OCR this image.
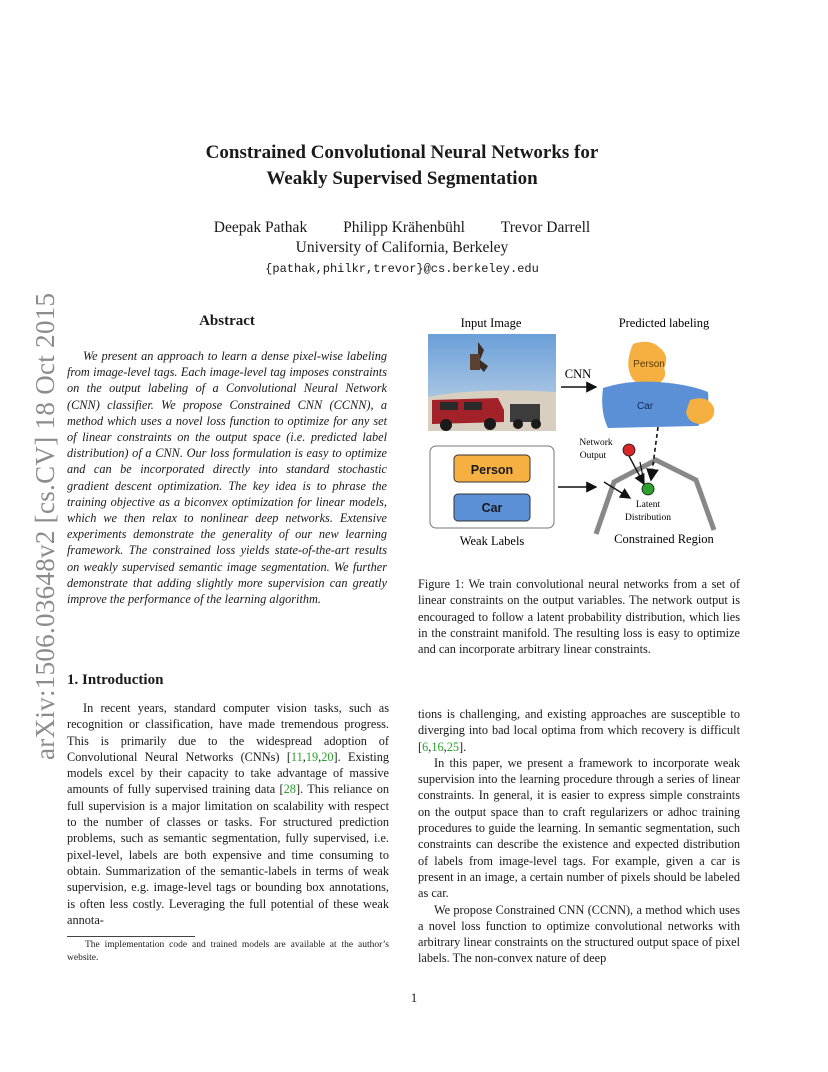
arXiv:1506.03648v2 [cs.CV] 18 Oct 2015
Constrained Convolutional Neural Networks for
Weakly Supervised Segmentation
Deepak Pathak Philipp Krähenbühl Trevor Darrell
University of California, Berkeley
{pathak,philkr,trevor}@cs.berkeley.edu
Abstract
We present an approach to learn a dense pixel-wise labeling from image-level tags. Each image-level tag imposes constraints on the output labeling of a Convolutional Neural Network (CNN) classifier. We propose Constrained CNN (CCNN), a method which uses a novel loss function to optimize for any set of linear constraints on the output space (i.e. predicted label distribution) of a CNN. Our loss formulation is easy to optimize and can be incorporated directly into standard stochastic gradient descent optimization. The key idea is to phrase the training objective as a biconvex optimization for linear models, which we then relax to nonlinear deep networks. Extensive experiments demonstrate the generality of our new learning framework. The constrained loss yields state-of-the-art results on weakly supervised semantic image segmentation. We further demonstrate that adding slightly more supervision can greatly improve the performance of the learning algorithm.
Input Image	Predicted labeling
Person
Car
CNN
Person
Car
Weak Labels
Network
Output
Latent
Distribution
Constrained Region
Figure 1: We train convolutional neural networks from a set of linear constraints on the output variables. The network output is encouraged to follow a latent probability distribution, which lies in the constraint manifold. The resulting loss is easy to optimize and can incorporate arbitrary linear constraints.
1. Introduction

In recent years, standard computer vision tasks, such as recognition or classification, have made tremendous progress. This is primarily due to the widespread adoption of Convolutional Neural Networks (CNNs) [11,19,20]. Existing models excel by their capacity to take advantage of massive amounts of fully supervised training data [28]. This reliance on full supervision is a major limitation on scalability with respect to the number of classes or tasks. For structured prediction problems, such as semantic segmentation, fully supervised, i.e. pixel-level, labels are both expensive and time consuming to obtain. Summarization of the semantic-labels in terms of weak supervision, e.g. image-level tags or bounding box annotations, is often less costly. Leveraging the full potential of these weak annota-

The implementation code and trained models are available at the author’s website.

tions is challenging, and existing approaches are susceptible to diverging into bad local optima from which recovery is difficult [6,16,25].

In this paper, we present a framework to incorporate weak supervision into the learning procedure through a series of linear constraints. In general, it is easier to express simple constraints on the output space than to craft regularizers or adhoc training procedures to guide the learning. In semantic segmentation, such constraints can describe the existence and expected distribution of labels from image-level tags. For example, given a car is present in an image, a certain number of pixels should be labeled as car.

We propose Constrained CNN (CCNN), a method which uses a novel loss function to optimize convolutional networks with arbitrary linear constraints on the structured output space of pixel labels. The non-convex nature of deep

1
